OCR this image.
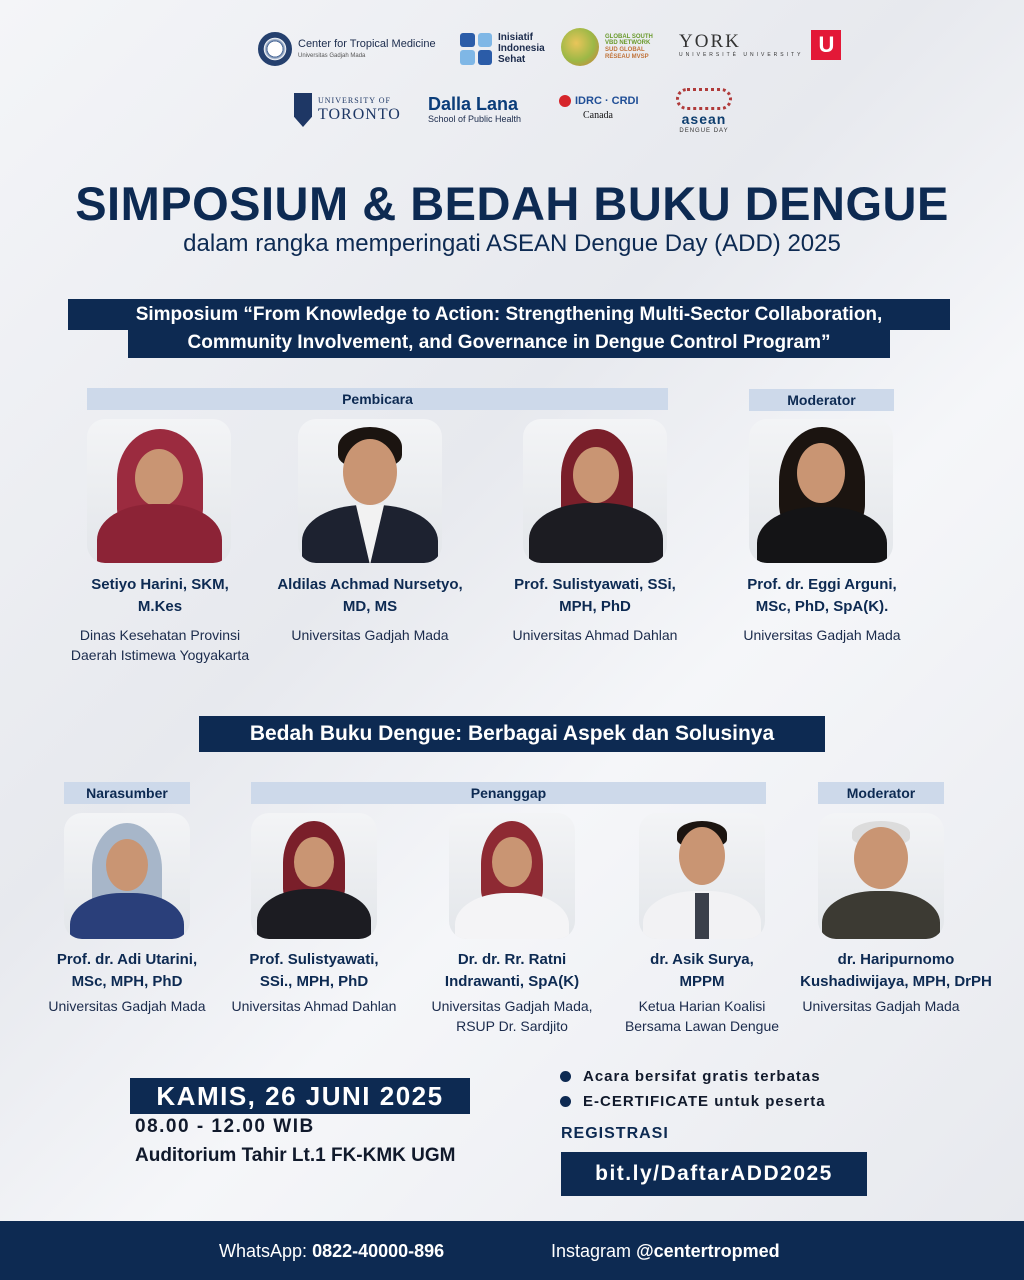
Center for Tropical Medicine
Universitas Gadjah Mada
Inisiatif
Indonesia
Sehat
GLOBAL SOUTH
VBD NETWORK
SUD GLOBAL
RÉSEAU MVSP
YORK
UNIVERSITÉ UNIVERSITY U
UNIVERSITY OF
TORONTO
Dalla Lana
School of Public Health
IDRC · CRDI
Canada	asean
DENGUE DAY
SIMPOSIUM & BEDAH BUKU DENGUE
dalam rangka memperingati ASEAN Dengue Day (ADD) 2025
Simposium “From Knowledge to Action: Strengthening Multi-Sector Collaboration,
Community Involvement, and Governance in Dengue Control Program”
Pembicara	Moderator
Setiyo Harini, SKM,
M.Kes
Dinas Kesehatan Provinsi
Daerah Istimewa Yogyakarta
Aldilas Achmad Nursetyo,
MD, MS
Universitas Gadjah Mada
Prof. Sulistyawati, SSi,
MPH, PhD
Universitas Ahmad Dahlan
Prof. dr. Eggi Arguni,
MSc, PhD, SpA(K).
Universitas Gadjah Mada
Bedah Buku Dengue: Berbagai Aspek dan Solusinya
Narasumber	Penanggap	Moderator
Prof. dr. Adi Utarini,
MSc, MPH, PhD
Universitas Gadjah Mada
Prof. Sulistyawati,
SSi., MPH, PhD
Universitas Ahmad Dahlan
Dr. dr. Rr. Ratni
Indrawanti, SpA(K)
Universitas Gadjah Mada,
RSUP Dr. Sardjito
dr. Asik Surya,
MPPM
Ketua Harian Koalisi
Bersama Lawan Dengue
dr. Haripurnomo
Kushadiwijaya, MPH, DrPH
Universitas Gadjah Mada
KAMIS, 26 JUNI 2025
08.00 - 12.00 WIB
Auditorium Tahir Lt.1 FK-KMK UGM
Acara bersifat gratis terbatas
E-CERTIFICATE untuk peserta
REGISTRASI
bit.ly/DaftarADD2025
WhatsApp: 0822-40000-896	Instagram @centertropmed
